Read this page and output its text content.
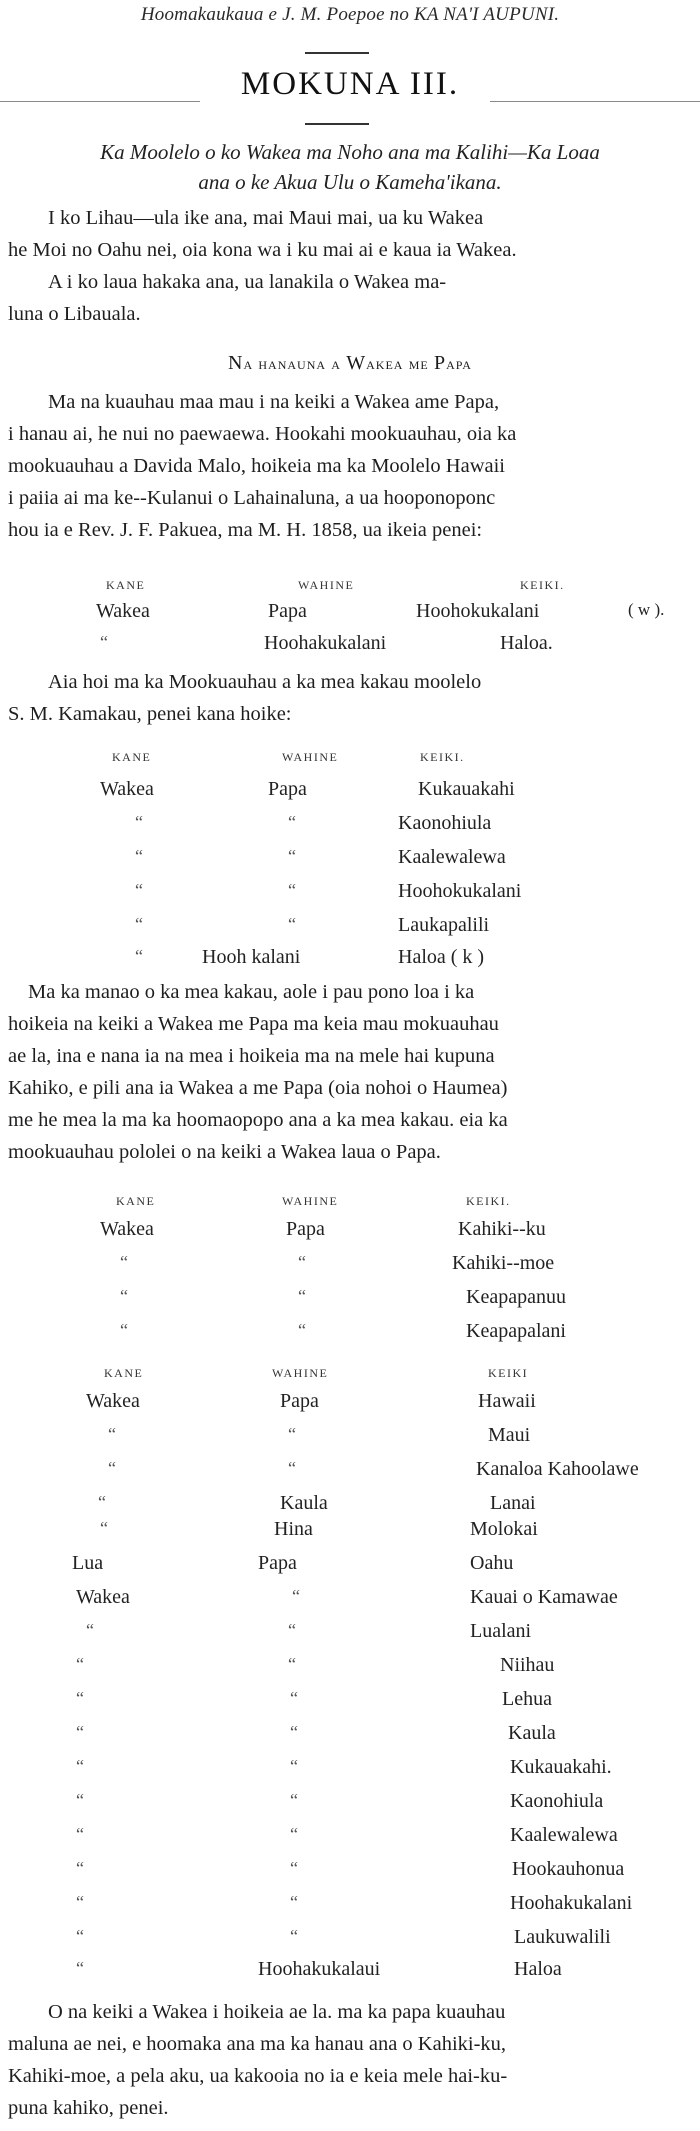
Hoomakaukaua e J. M. Poepoe no KA NA'I AUPUNI.
MOKUNA III.
Ka Moolelo o ko Wakea ma Noho ana ma Kalihi—Ka Loaa
ana o ke Akua Ulu o Kameha'ikana.
I ko Lihau—ula ike ana, mai Maui mai, ua ku Wakea
he Moi no Oahu nei, oia kona wa i ku mai ai e kaua ia Wakea.
A i ko laua hakaka ana, ua lanakila o Wakea ma-
luna o Libauala.
Na hanauna a Wakea me Papa
Ma na kuauhau maa mau i na keiki a Wakea ame Papa,
i hanau ai, he nui no paewaewa. Hookahi mookuauhau, oia ka
mookuauhau a Davida Malo, hoikeia ma ka Moolelo Hawaii
i paiia ai ma ke--Kulanui o Lahainaluna, a ua hooponoponc
hou ia e Rev. J. F. Pakuea, ma M. H. 1858, ua ikeia penei:
KANE	WAHINE	KEIKI.
Wakea	Papa	Hoohokukalani	( w ).
“	Hoohakukalani	Haloa.
Aia hoi ma ka Mookuauhau a ka mea kakau moolelo
S. M. Kamakau, penei kana hoike:
KANE	WAHINE	KEIKI.
Wakea	Papa	Kukauakahi
“	“	Kaonohiula
“	“	Kaalewalewa
“	“	Hoohokukalani
“	“	Laukapalili
“	Hooh kalani	Haloa ( k )
Ma ka manao o ka mea kakau, aole i pau pono loa i ka
hoikeia na keiki a Wakea me Papa ma keia mau mokuauhau
ae la, ina e nana ia na mea i hoikeia ma na mele hai kupuna
Kahiko, e pili ana ia Wakea a me Papa (oia nohoi o Haumea)
me he mea la ma ka hoomaopopo ana a ka mea kakau. eia ka
mookuauhau pololei o na keiki a Wakea laua o Papa.
KANE	WAHINE	KEIKI.
Wakea	Papa	Kahiki--ku
“	“	Kahiki--moe
“	“	Keapapanuu
“	“	Keapapalani
KANE	WAHINE	KEIKI
Wakea	Papa	Hawaii
“	“	Maui
“	“	Kanaloa Kahoolawe
“	Kaula	Lanai
“	Hina	Molokai
Lua	Papa	Oahu
Wakea	“	Kauai o Kamawae
“	“	Lualani
“	“	Niihau
“	“	Lehua
“	“	Kaula
“	“	Kukauakahi.
“	“	Kaonohiula
“	“	Kaalewalewa
“	“	Hookauhonua
“	“	Hoohakukalani
“	“	Laukuwalili
“	Hoohakukalaui	Haloa
O na keiki a Wakea i hoikeia ae la. ma ka papa kuauhau
maluna ae nei, e hoomaka ana ma ka hanau ana o Kahiki-ku,
Kahiki-moe, a pela aku, ua kakooia no ia e keia mele hai-ku-
puna kahiko, penei.
